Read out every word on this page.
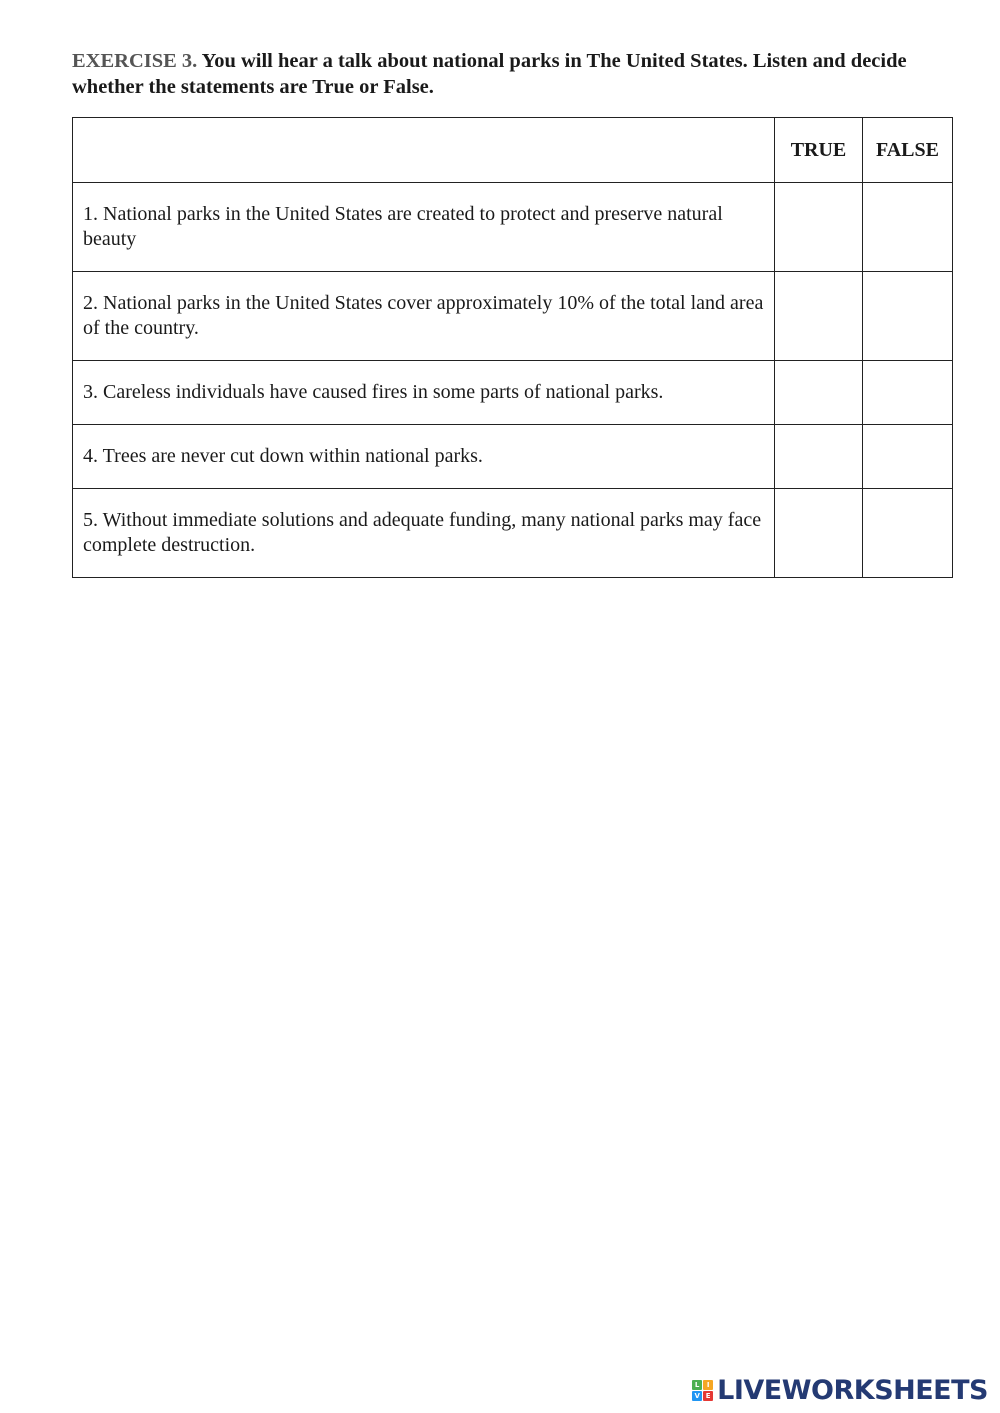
EXERCISE 3. You will hear a talk about national parks in The United States. Listen and decide whether the statements are True or False.

	TRUE	FALSE
1. National parks in the United States are created to protect and preserve natural beauty		
2. National parks in the United States cover approximately 10% of the total land area of the country.		
3. Careless individuals have caused fires in some parts of national parks.		
4. Trees are never cut down within national parks.		
5. Without immediate solutions and adequate funding, many national parks may face complete destruction.		
L	I
V E LIVEWORKSHEETS
